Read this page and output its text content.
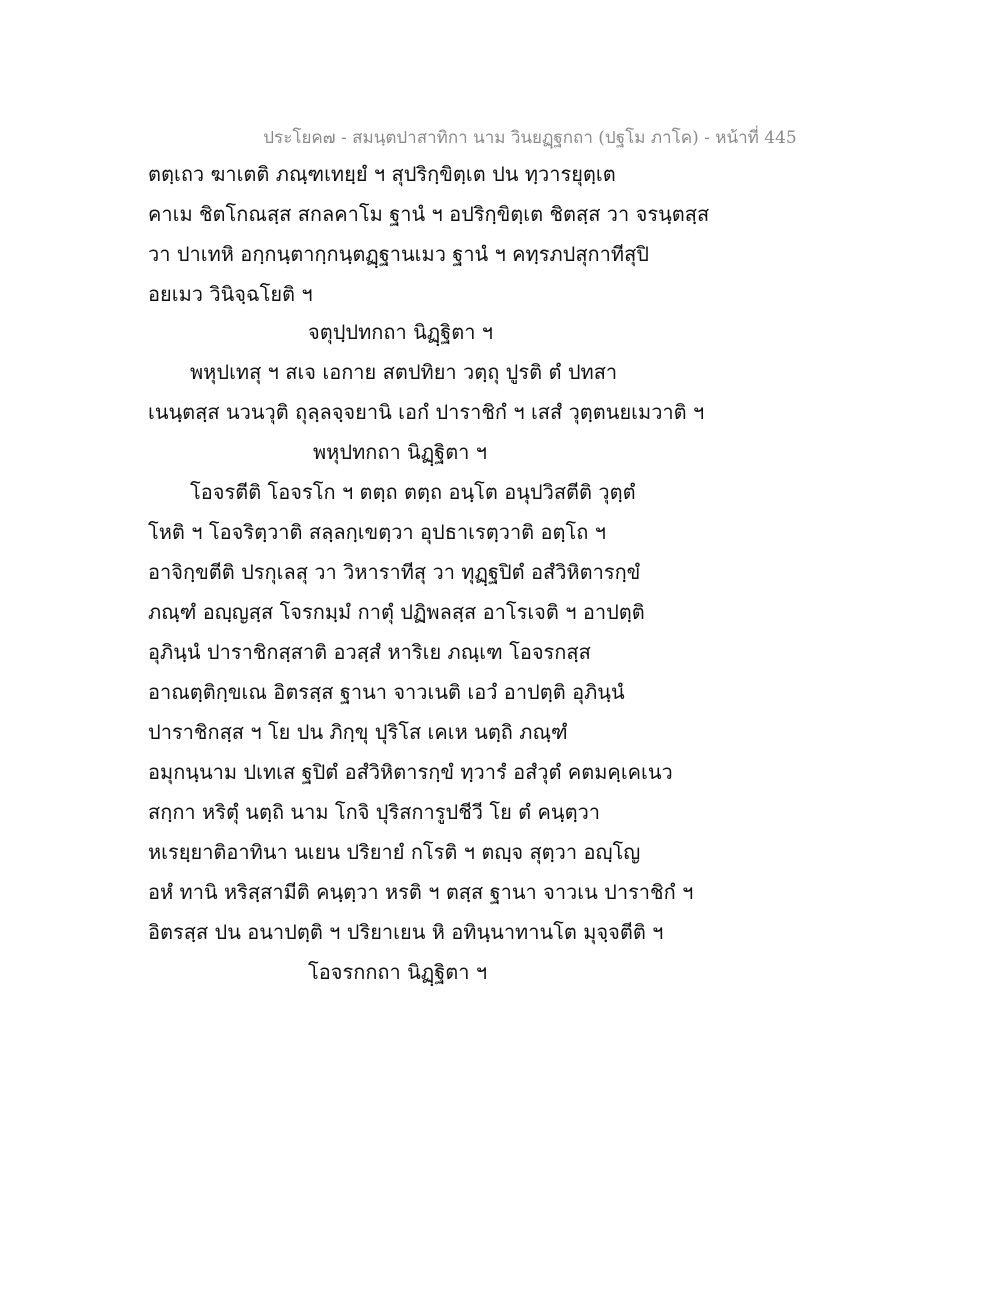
ประโยค๗ - สมนฺตปาสาทิกา นาม วินยฏฺฐกถา (ปฐโม ภาโค) - หน้าที่ 445
ตตฺเถว ฆาเตติ ภณฺฑเทยฺยํ ฯ สุปริกฺขิตฺเต ปน ทฺวารยุตฺเต
คาเม ชิตโกณสฺส สกลคาโม ฐานํ ฯ อปริกฺขิตฺเต ชิตสฺส วา จรนฺตสฺส
วา ปาเทหิ อกฺกนฺตากฺกนฺตฏฺฐานเมว ฐานํ ฯ คทฺรภปสุกาทีสุปิ
อยเมว วินิจฺฉโยติ ฯ
จตุปฺปทกถา นิฏฺฐิตา ฯ
พหุปเทสุ ฯ สเจ เอกาย สตปทิยา วตฺถุ ปูรติ ตํ ปทสา
เนนฺตสฺส นวนวุติ ถุลฺลจฺจยานิ เอกํ ปาราชิกํ ฯ เสสํ วุตฺตนยเมวาติ ฯ
พหุปทกถา นิฏฺฐิตา ฯ
โอจรตีติ โอจรโก ฯ ตตฺถ ตตฺถ อนฺโต อนุปวิสตีติ วุตฺตํ
โหติ ฯ โอจริตฺวาติ สลฺลกฺเขตฺวา อุปธาเรตฺวาติ อตฺโถ ฯ
อาจิกฺขตีติ ปรกุเลสุ วา วิหาราทีสุ วา ทุฏฺฐปิตํ อสํวิหิตารกฺขํ
ภณฺฑํ อญฺญสฺส โจรกมฺมํ กาตุํ ปฏิพลสฺส อาโรเจติ ฯ อาปตฺติ
อุภินฺนํ ปาราชิกสฺสาติ อวสฺสํ หาริเย ภณฺเฑ โอจรกสฺส
อาณตฺติกฺขเณ อิตรสฺส ฐานา จาวเนติ เอวํ อาปตฺติ อุภินฺนํ
ปาราชิกสฺส ฯ โย ปน ภิกฺขุ ปุริโส เคเห นตฺถิ ภณฺฑํ
อมุกนฺนาม ปเทเส ฐปิตํ อสํวิหิตารกฺขํ ทฺวารํ อสํวุตํ คตมคฺเคเนว
สกฺกา หริตุํ นตฺถิ นาม โกจิ ปุริสการูปชีวี โย ตํ คนฺตฺวา
หเรยฺยาติอาทินา นเยน ปริยายํ กโรติ ฯ ตญฺจ สุตฺวา อญฺโญ
อหํ ทานิ หริสฺสามีติ คนฺตฺวา หรติ ฯ ตสฺส ฐานา จาวเน ปาราชิกํ ฯ
อิตรสฺส ปน อนาปตฺติ ฯ ปริยาเยน หิ อทินฺนาทานโต มุจฺจตีติ ฯ
โอจรกกถา นิฏฺฐิตา ฯ
